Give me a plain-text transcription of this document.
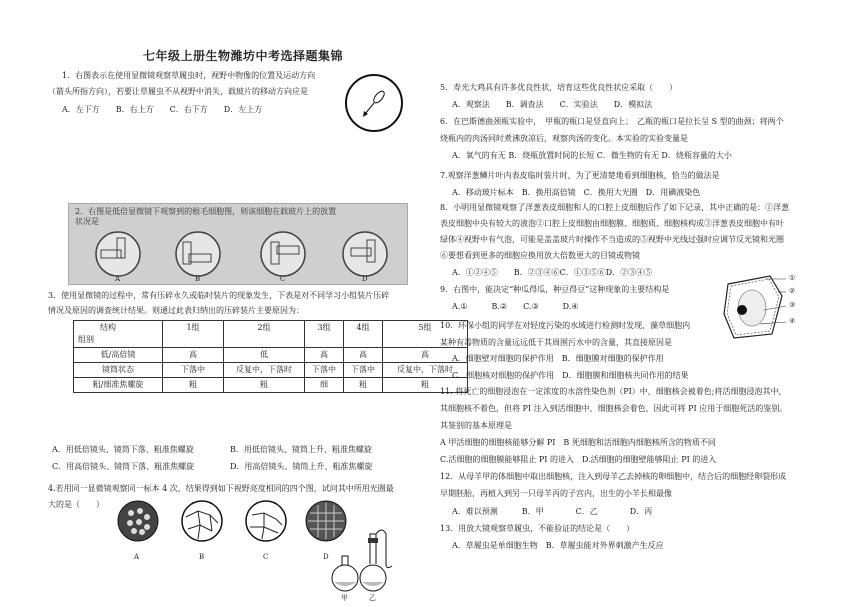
七年级上册生物潍坊中考选择题集锦
1．右图表示在使用显微镜观察草履虫时，视野中物像的位置及运动方向
（箭头所指方向），若要让草履虫不从视野中消失，载玻片的移动方向应是
A．左下方　　B．右上方　　C．右下方　　D．左上方
2．右图是低倍显微镜下观察到的根毛细胞图，则该细胞在载玻片上的放置
状况是
A	B	C	D
3．使用显微镜的过程中，常有压碎永久或临时装片的现象发生，下表是对不同学习小组装片压碎
情况及原因的调查统计结果。则通过此表归纳出的压碎装片主要原因为：
结构
组别	1组	2组	3组	4组	5组
低/高倍镜	高	低	高	高	高
镜筒状态	下落中	反复中，下落时	下落中	下落中	反复中，下落时
粗/细准焦螺旋	粗	粗	细	粗	粗
A．用低倍镜头、镜筒下落、粗准焦螺旋	B．用低倍镜头、镜筒上升、粗准焦螺旋
C．用高倍镜头、镜筒下落、粗准焦螺旋	D．用高倍镜头、镜筒上升、粗准焦螺旋
4.若用同一显微镜观察同一标本 4 次，结果得到如下视野亮度相同的四个图，试问其中所用光圈最
大的是（　　）
A	B	C	D
甲	乙
5．寿光大鸡具有许多优良性状，培育这些优良性状应采取（　　）
A．观察法　　B．调查法　　C．实验法　　D．模拟法
6．在巴斯德曲颈瓶实验中，　甲瓶的瓶口是竖直向上；　乙瓶的瓶口是拉长呈 S 型的曲颈；将两个
烧瓶内的肉汤同时煮沸放凉后，观察肉汤的变化。本实验的实验变量是
A．氧气的有无 B．烧瓶放置时间的长短 C．微生物的有无 D．烧瓶容量的大小
7.观察洋葱鳞片叶内表皮临时装片时，为了更清楚地看到细胞核，恰当的做法是
A．移动玻片标本　B．换用高倍镜　C．换用大光圈　D．用碘液染色
8．小明用显微镜观察了洋葱表皮细胞和人的口腔上皮细胞后作了如下记录，其中正确的是：①洋葱
表皮细胞中央有较大的液泡②口腔上皮细胞由细胞膜、细胞质、细胞核构成③洋葱表皮细胞中有叶
绿体④视野中有气泡，可能是盖盖玻片时操作不当造成的⑤视野中光线过强时应调节反光镜和光圈
⑥要想看到更多的细胞应换用放大倍数更大的目镜或物镜
A．①②④⑤　　B．②③④⑥C．①③⑤⑥D．②③④⑤
9．右图中，能决定“种瓜得瓜，种豆得豆”这种现象的主要结构是
A.①　　　B.②　　C.③　　　D.④
①
②
③
④
10．环保小组的同学在对轻度污染的水域进行检测时发现，藻草细胞内
某种有毒物质的含量远远低于其周围污水中的含量，其直接原因是
A．细胞壁对细胞的保护作用　B．细胞膜对细胞的保护作用
C．细胞核对细胞的保护作用　D．细胞膜和细胞核共同作用的结果
11. 将死亡的细胞浸泡在一定浓度的水溶性染色剂（PI）中，细胞核会被着色;将活细胞浸泡其中，
其细胞核不着色，但将 PI 注入到活细胞中，细胞核会着色，因此可将 PI 应用于细胞死活的鉴别。
其鉴别的基本原理是
A 甲活细胞的细胞核能够分解 PI　B 死细胞和活细胞内细胞核所含的物质不同
C.活细胞的细胞膜能够阻止 PI 的进入　D.活细胞的细胞壁能够阻止 PI 的进入
12．从母羊甲的体细胞中取出细胞核，注入到母羊乙去掉核的卵细胞中，结合后的细胞经卵裂形成
早期胚胎，再植入到另一只母羊丙的子宫内，出生的小羊长相最像
A．难以预测　　　B．甲　　　　C．乙　　　　D．丙
13．用放大镜观察草履虫，不能验证的结论是（　　）
A．草履虫是单细胞生物　B．草履虫能对外界刺激产生反应
